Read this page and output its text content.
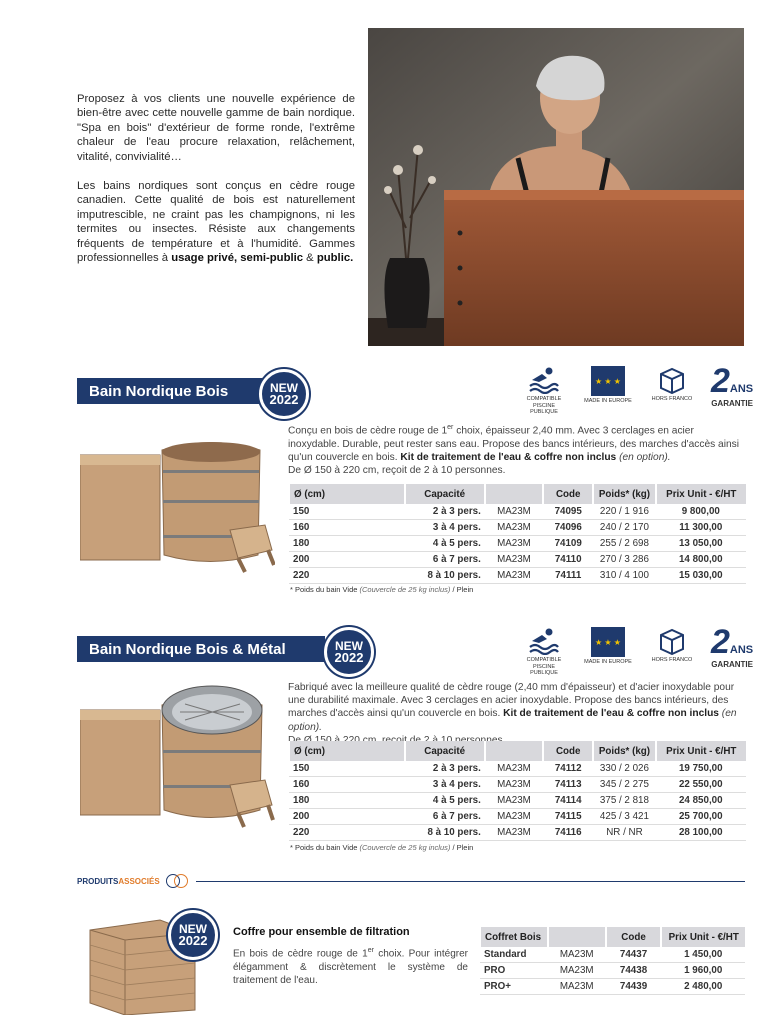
Proposez à vos clients une nouvelle expérience de bien-être avec cette nouvelle gamme de bain nordique. "Spa en bois" d'extérieur de forme ronde, l'extrême chaleur de l'eau procure relaxation, relâchement, vitalité, convivialité…

Les bains nordiques sont conçus en cèdre rouge canadien. Cette qualité de bois est naturellement imputrescible, ne craint pas les champignons, ni les termites ou insectes. Résiste aux changements fréquents de température et à l'humidité. Gammes professionnelles à usage privé, semi-public & public.

Bain Nordique Bois	NEW
2022	COMPATIBLE PISCINE PUBLIQUE
★ ★ ★
MADE IN EUROPE	HORS FRANCO 2ANS
GARANTIE
Conçu en bois de cèdre rouge de 1er choix, épaisseur 2,40 mm. Avec 3 cerclages en acier inoxydable. Durable, peut rester sans eau. Propose des bancs intérieurs, des marches d'accès ainsi qu'un couvercle en bois. Kit de traitement de l'eau & coffre non inclus (en option).
De Ø 150 à 220 cm, reçoit de 2 à 10 personnes.
Ø (cm)	Capacité		Code	Poids* (kg)	Prix Unit - €/HT
150	2 à 3 pers.	MA23M	74095	220 / 1 916	9 800,00
160	3 à 4 pers.	MA23M	74096	240 / 2 170	11 300,00
180	4 à 5 pers.	MA23M	74109	255 / 2 698	13 050,00
200	6 à 7 pers.	MA23M	74110	270 / 3 286	14 800,00
220	8 à 10 pers.	MA23M	74111	310 / 4 100	15 030,00
* Poids du bain Vide (Couvercle de 25 kg inclus) / Plein
Bain Nordique Bois & Métal	NEW
2022	COMPATIBLE PISCINE PUBLIQUE
★ ★ ★
MADE IN EUROPE	HORS FRANCO 2ANS
GARANTIE
Fabriqué avec la meilleure qualité de cèdre rouge (2,40 mm d'épaisseur) et d'acier inoxydable pour une durabilité maximale. Avec 3 cerclages en acier inoxydable. Propose des bancs intérieurs, des marches d'accès ainsi qu'un couvercle en bois. Kit de traitement de l'eau & coffre non inclus (en option).

Ø (cm)	Capacité		Code	Poids* (kg)	Prix Unit - €/HT
150	2 à 3 pers.	MA23M	74112	330 / 2 026	19 750,00
160	3 à 4 pers.	MA23M	74113	345 / 2 275	22 550,00
180	4 à 5 pers.	MA23M	74114	375 / 2 818	24 850,00
200	6 à 7 pers.	MA23M	74115	425 / 3 421	25 700,00
220	8 à 10 pers.	MA23M	74116	NR / NR	28 100,00
* Poids du bain Vide (Couvercle de 25 kg inclus) / Plein
PRODUITS ASSOCIÉS
NEW
2022
Coffre pour ensemble de filtration
En bois de cèdre rouge de 1er choix. Pour intégrer élégamment & discrètement le système de traitement de l'eau.
Coffret Bois		Code	Prix Unit - €/HT
Standard	MA23M	74437	1 450,00
PRO	MA23M	74438	1 960,00
PRO+	MA23M	74439	2 480,00
